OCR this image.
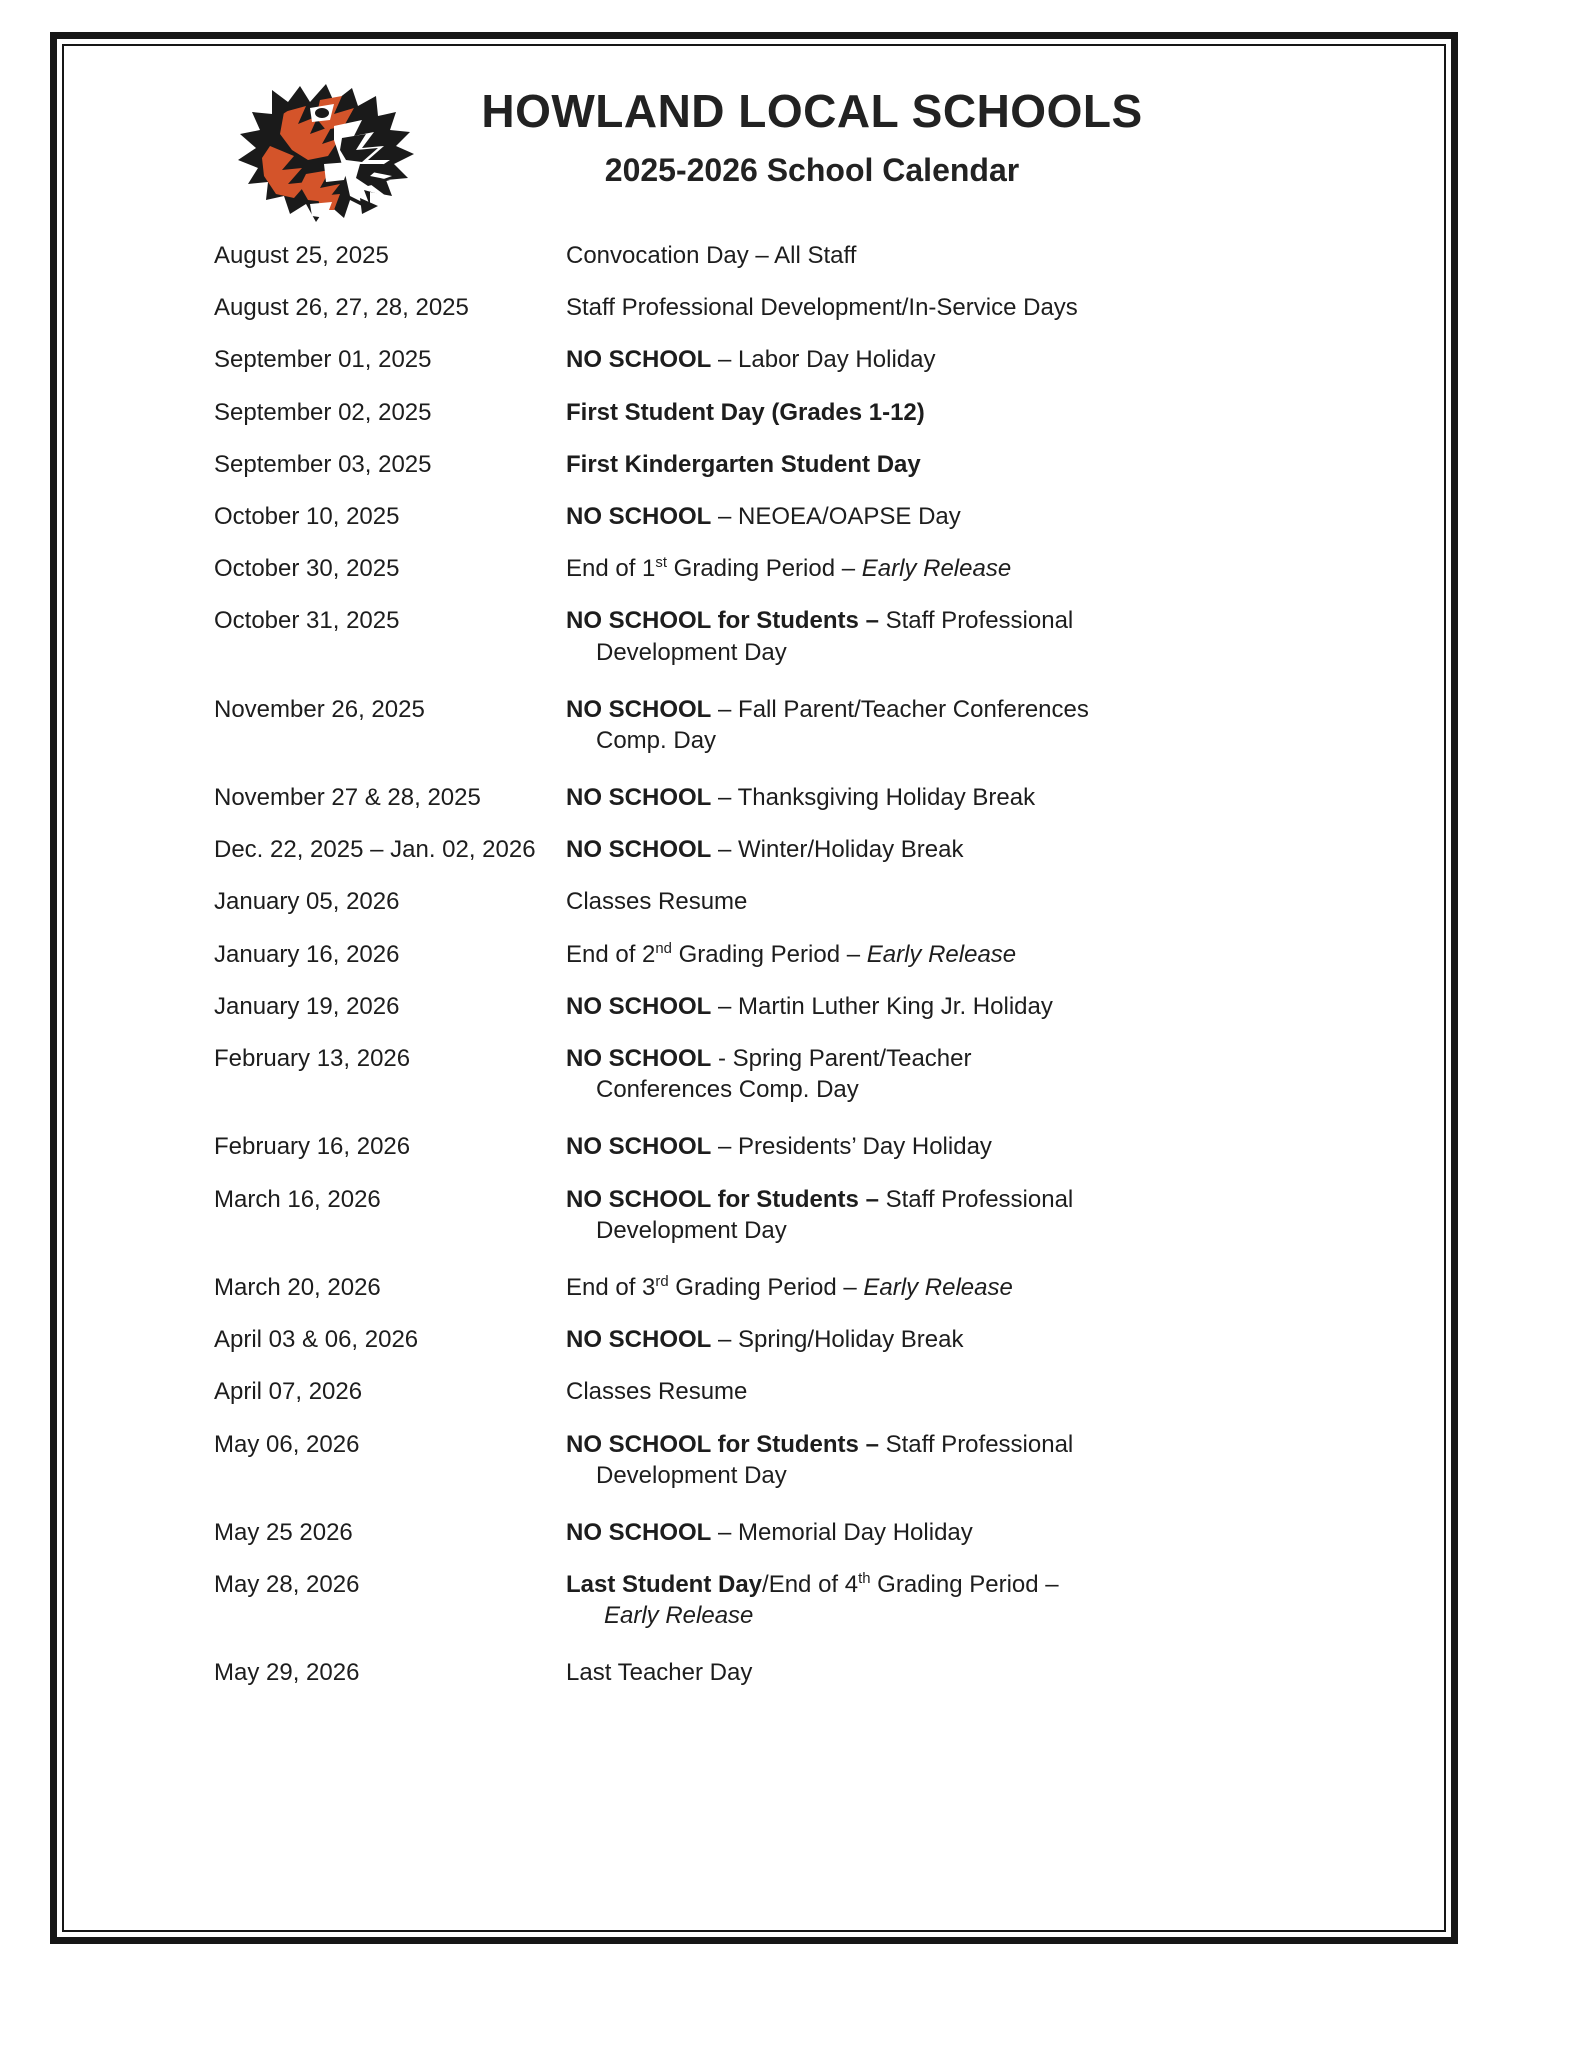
HOWLAND LOCAL SCHOOLS
2025-2026 School Calendar
August 25, 2025	Convocation Day – All Staff
August 26, 27, 28, 2025	Staff Professional Development/In-Service Days
September 01, 2025	NO SCHOOL – Labor Day Holiday
September 02, 2025	First Student Day (Grades 1-12)
September 03, 2025	First Kindergarten Student Day
October 10, 2025	NO SCHOOL – NEOEA/OAPSE Day
October 30, 2025	End of 1st Grading Period – Early Release
October 31, 2025	NO SCHOOL for Students – Staff Professional
Development Day
November 26, 2025	NO SCHOOL – Fall Parent/Teacher Conferences
Comp. Day
November 27 & 28, 2025	NO SCHOOL – Thanksgiving Holiday Break
Dec. 22, 2025 – Jan. 02, 2026	NO SCHOOL – Winter/Holiday Break
January 05, 2026	Classes Resume
January 16, 2026	End of 2nd Grading Period – Early Release
January 19, 2026	NO SCHOOL – Martin Luther King Jr. Holiday
February 13, 2026	NO SCHOOL - Spring Parent/Teacher
Conferences Comp. Day
February 16, 2026	NO SCHOOL – Presidents’ Day Holiday
March 16, 2026	NO SCHOOL for Students – Staff Professional
Development Day
March 20, 2026	End of 3rd Grading Period – Early Release
April 03 & 06, 2026	NO SCHOOL – Spring/Holiday Break
April 07, 2026	Classes Resume
May 06, 2026	NO SCHOOL for Students – Staff Professional
Development Day
May 25 2026	NO SCHOOL – Memorial Day Holiday
May 28, 2026	Last Student Day/End of 4th Grading Period –
Early Release
May 29, 2026	Last Teacher Day
